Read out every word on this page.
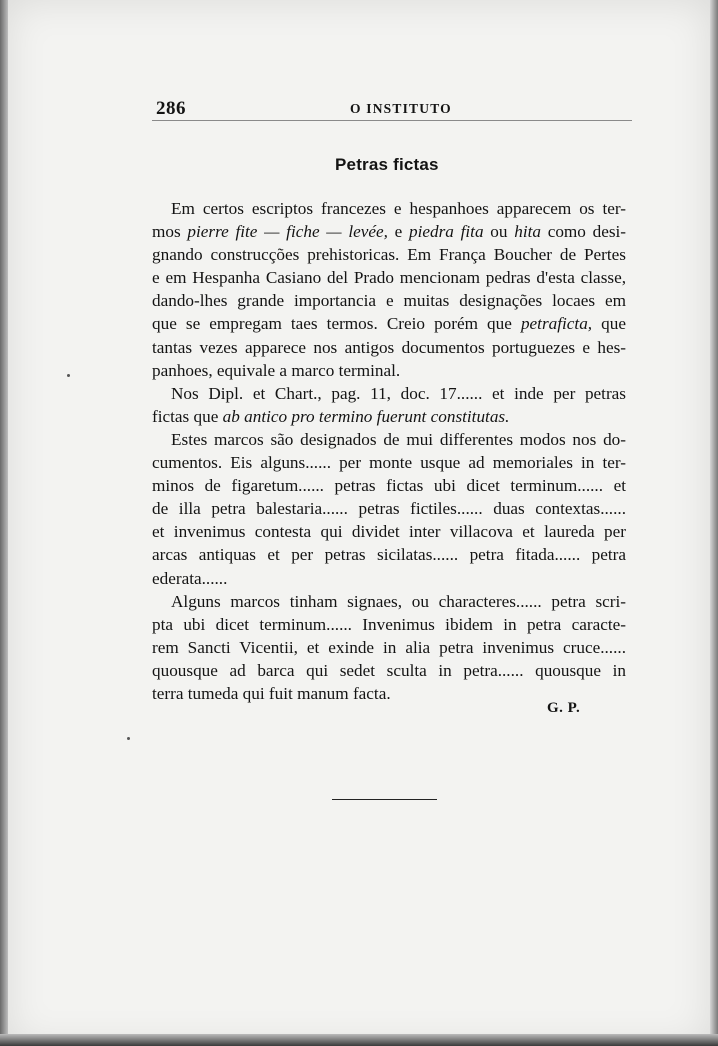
286	O INSTITUTO
Petras fictas
Em certos escriptos francezes e hespanhoes apparecem os ter-
mos pierre fite — fiche — levée, e piedra fita ou hita como desi-
gnando construcções prehistoricas. Em França Boucher de Pertes
e em Hespanha Casiano del Prado mencionam pedras d'esta classe,
dando-lhes grande importancia e muitas designações locaes em
que se empregam taes termos. Creio porém que petraficta, que
tantas vezes apparece nos antigos documentos portuguezes e hes-
panhoes, equivale a marco terminal.
Nos Dipl. et Chart., pag. 11, doc. 17...... et inde per petras
fictas que ab antico pro termino fuerunt constitutas.
Estes marcos são designados de mui differentes modos nos do-
cumentos. Eis alguns...... per monte usque ad memoriales in ter-
minos de figaretum...... petras fictas ubi dicet terminum...... et
de illa petra balestaria...... petras fictiles...... duas contextas......
et invenimus contesta qui dividet inter villacova et laureda per
arcas antiquas et per petras sicilatas...... petra fitada...... petra
ederata......
Alguns marcos tinham signaes, ou characteres...... petra scri-
pta ubi dicet terminum...... Invenimus ibidem in petra caracte-
rem Sancti Vicentii, et exinde in alia petra invenimus cruce......
quousque ad barca qui sedet sculta in petra...... quousque in
terra tumeda qui fuit manum facta.
G. P.
